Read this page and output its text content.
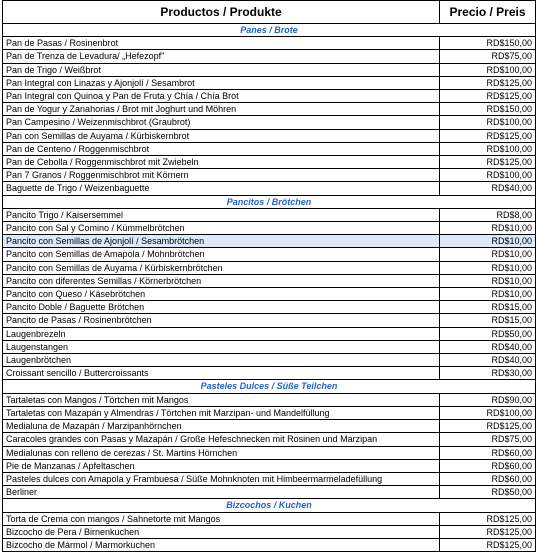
Productos / Produkte	Precio / Preis
Panes / Brote	
Pan de Pasas / Rosinenbrot	RD$150,00
Pan de Trenza de Levadura/ „Hefezopf"	RD$75,00
Pan de Trigo / Weißbrot	RD$100,00
Pan Integral con Linazas y Ajonjolí / Sesambrot	RD$125,00
Pan Integral con Quinoa y Pan de Fruta y Chía / Chía Brot	RD$125,00
Pan de Yogur y Zanahorias / Brot mit Joghurt und Möhren	RD$150,00
Pan Campesino / Weizenmischbrot (Graubrot)	RD$100,00
Pan con Semillas de Auyama / Kürbiskernbrot	RD$125,00
Pan de Centeno / Roggenmischbrot	RD$100,00
Pan de Cebolla / Roggenmischbrot mit Zwiebeln	RD$125,00
Pan 7 Granos / Roggenmischbrot mit Körnern	RD$100,00
Baguette de Trigo / Weizenbaguette	RD$40,00
Pancitos / Brötchen	
Pancito Trigo / Kaisersemmel	RD$8,00
Pancito con Sal y Comino / Kümmelbrötchen	RD$10,00
Pancito con Semillas de Ajonjolí / Sesambrötchen	RD$10,00
Pancito con Semillas de Amapola / Mohnbrötchen	RD$10,00
Pancito con Semillas de Auyama / Kürbiskernbrötchen	RD$10,00
Pancito con diferentes Semillas / Körnerbrötchen	RD$10,00
Pancito con Queso / Käsebrötchen	RD$10,00
Pancito Doble / Baguette Brötchen	RD$15,00
Pancito de Pasas / Rosinenbrötchen	RD$15,00
Laugenbrezeln	RD$50,00
Laugenstangen	RD$40,00
Laugenbrötchen	RD$40,00
Croissant sencillo / Buttercroissants	RD$30,00
Pasteles Dulces / Süße Teilchen	
Tartaletas con Mangos / Törtchen mit Mangos	RD$90,00
Tartaletas con Mazapán y Almendras / Törtchen mit Marzipan- und Mandelfüllung	RD$100,00
Medialuna de Mazapán / Marzipanhörnchen	RD$125,00
Caracoles grandes con Pasas y Mazapán / Große Hefeschnecken mit Rosinen und Marzipan	RD$75,00
Medialunas con relleno de cerezas / St. Martins Hörnchen	RD$60,00
Pie de Manzanas / Apfeltaschen	RD$60,00
Pasteles dulces con Amapola y Frambuesa / Süße Mohnknoten mit Himbeermarmeladefüllung	RD$60,00
Berliner	RD$50,00
Bizcochos / Kuchen	
Torta de Crema con mangos / Sahnetorte mit Mangos	RD$125,00
Bizcocho de Pera / Birnenkuchen	RD$125,00
Bizcocho de Mármol / Marmorkuchen	RD$125,00
